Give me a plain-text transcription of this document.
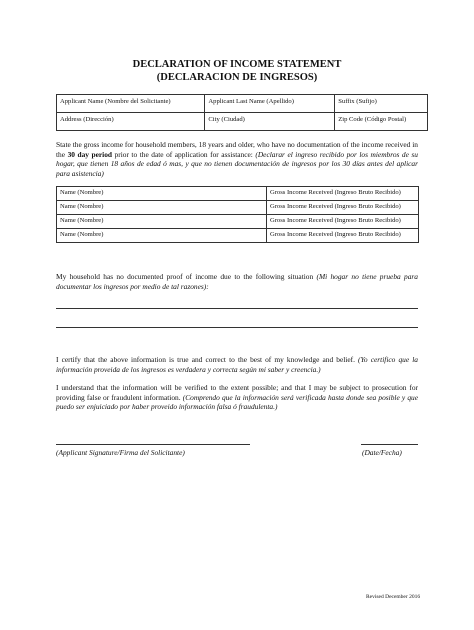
DECLARATION OF INCOME STATEMENT
(DECLARACION DE INGRESOS)
Applicant Name (Nombre del Solicitante)	Applicant Last Name (Apellido)	Suffix (Sufijo)
Address (Dirección)	City (Ciudad)	Zip Code (Código Postal)

State the gross income for household members, 18 years and older, who have no documentation of the income received in the 30 day period prior to the date of application for assistance: (Declarar el ingreso recibido por los miembros de su hogar, que tienen 18 años de edad ó mas, y que no tienen documentación de ingresos por los 30 días antes del aplicar para asistencia)

Name (Nombre)	Gross Income Received (Ingreso Bruto Recibido)
Name (Nombre)	Gross Income Received (Ingreso Bruto Recibido)
Name (Nombre)	Gross Income Received (Ingreso Bruto Recibido)
Name (Nombre)	Gross Income Received (Ingreso Bruto Recibido)

My household has no documented proof of income due to the following situation (Mi hogar no tiene prueba para documentar los ingresos por medio de tal razones):

I certify that the above information is true and correct to the best of my knowledge and belief. (Yo certifico que la información proveida de los ingresos es verdadera y correcta según mi saber y creencia.)

I understand that the information will be verified to the extent possible; and that I may be subject to prosecution for providing false or fraudulent information. (Comprendo que la información será verificada hasta donde sea posible y que puedo ser enjuiciado por haber proveido información falsa ó fraudulenta.)

(Applicant Signature/Firma del Solicitante)	(Date/Fecha)
Revised December 2016
